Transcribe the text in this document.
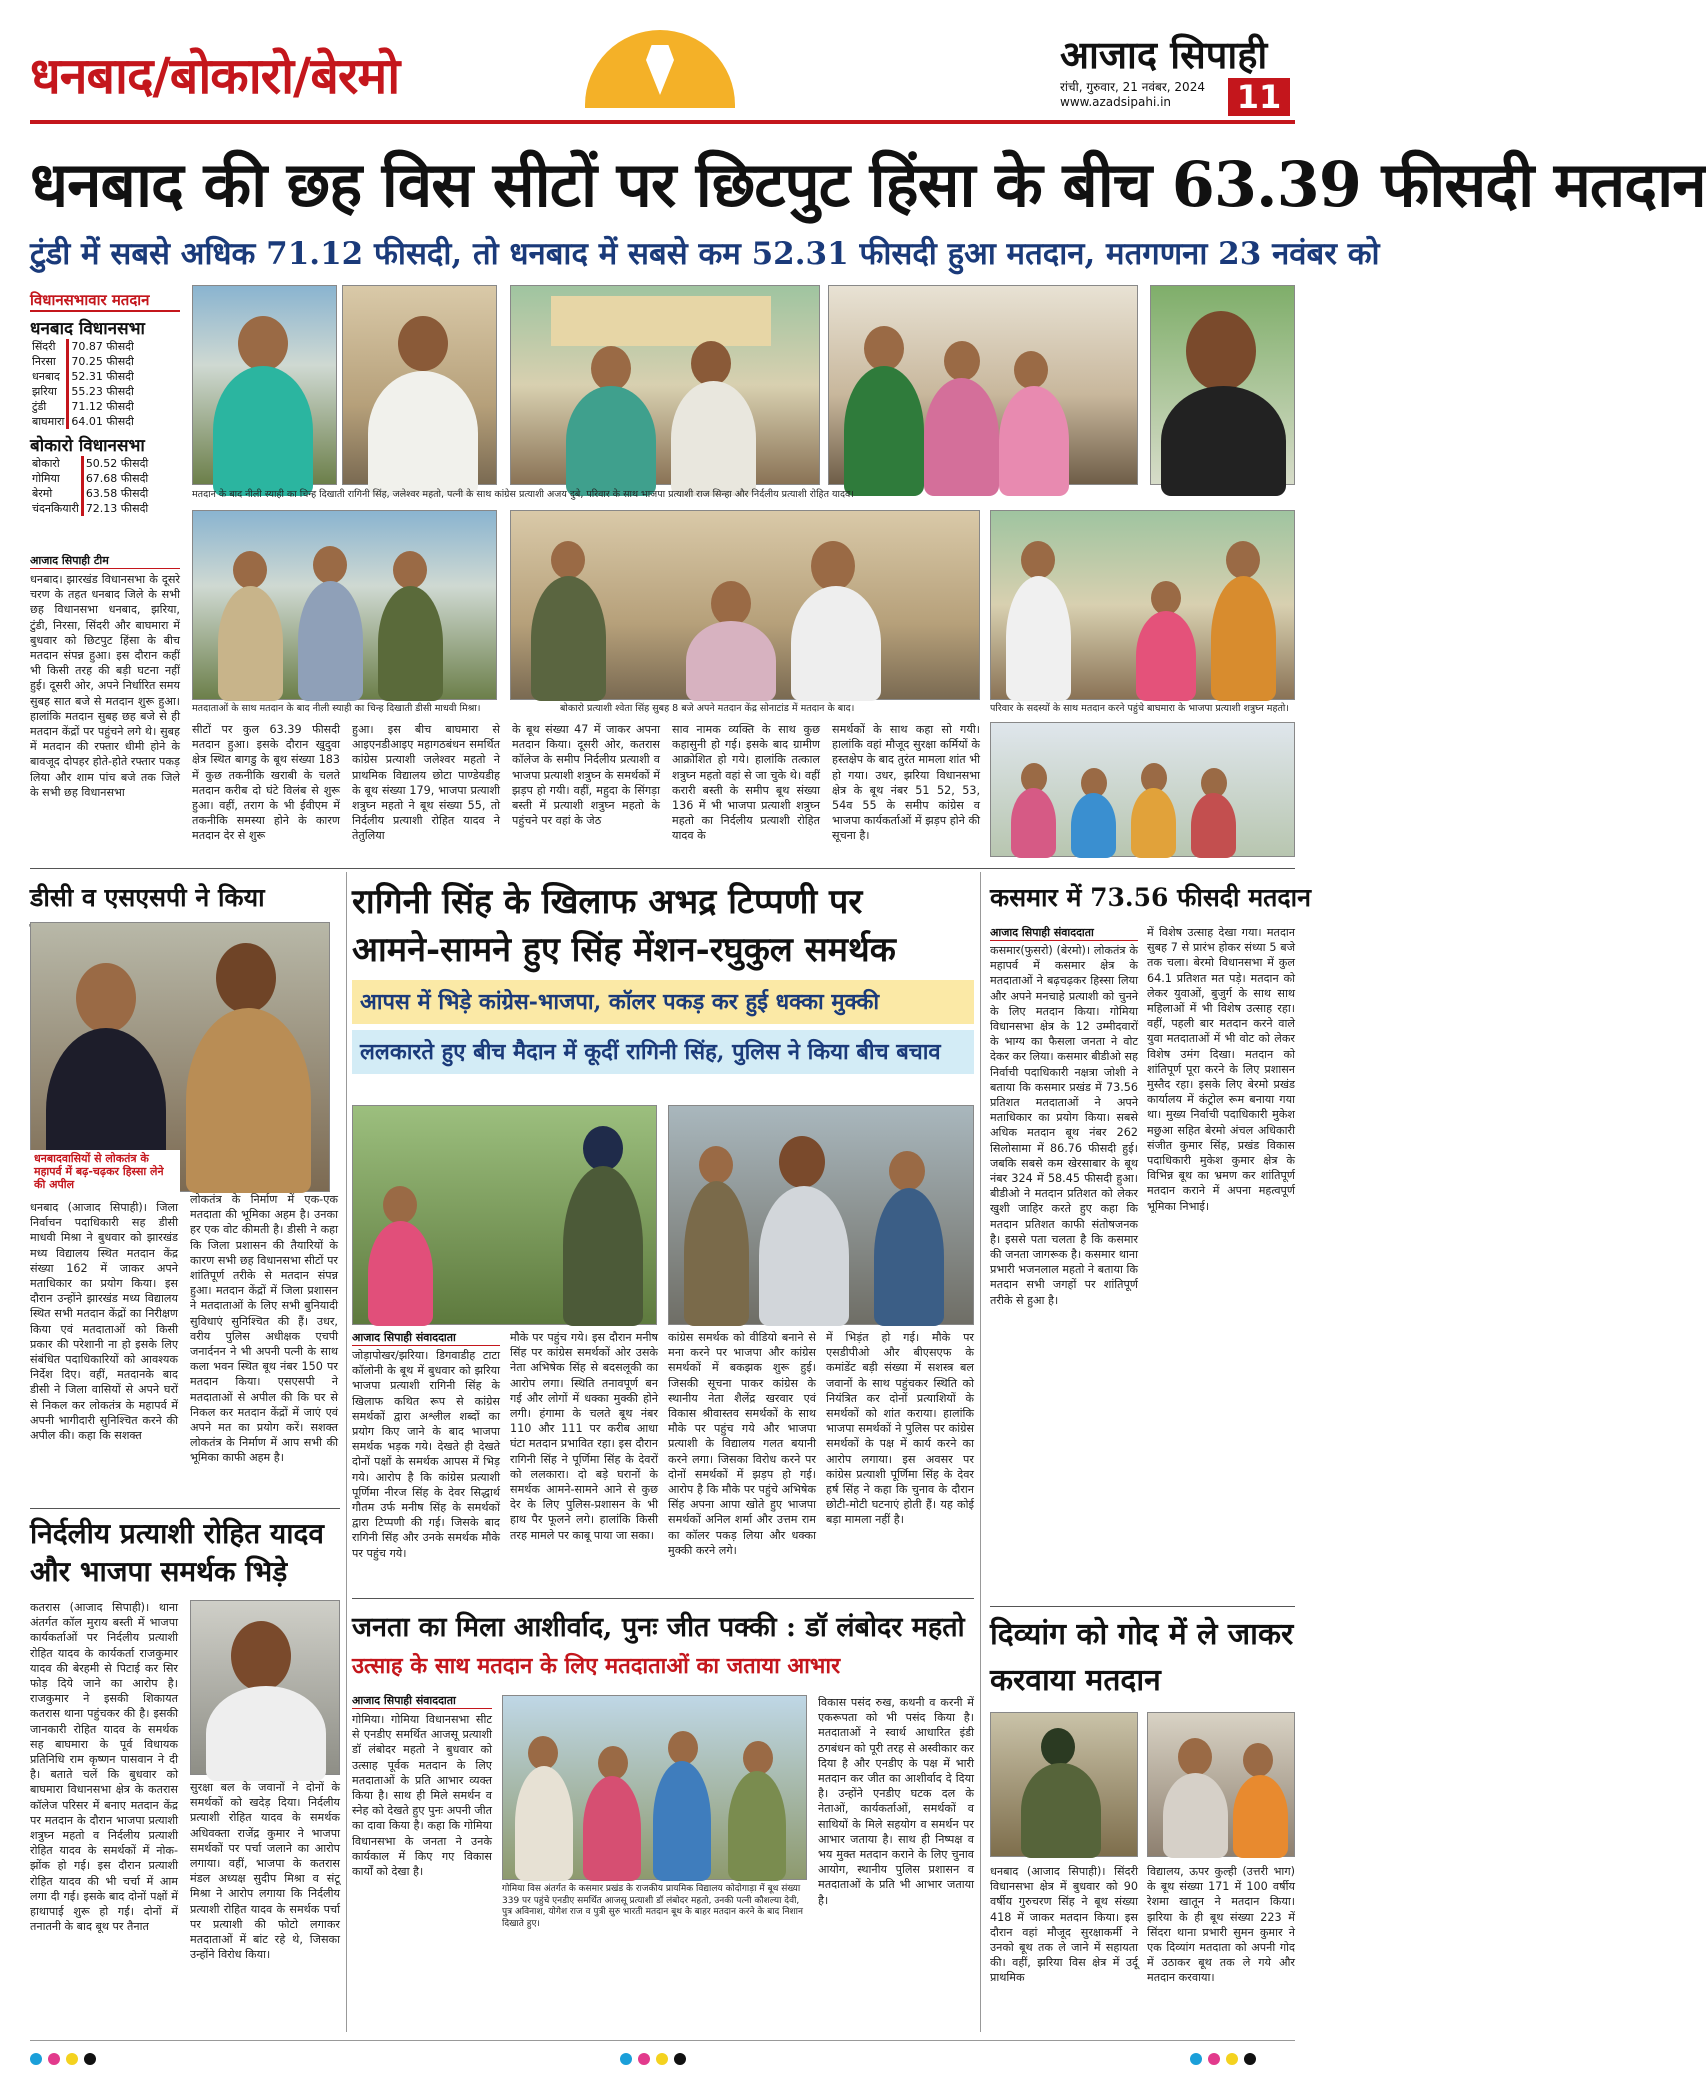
धनबाद/बोकारो/बेरमो	आजाद सिपाही
रांची, गुरुवार, 21 नवंबर, 2024
www.azadsipahi.in 11
धनबाद की छह विस सीटों पर छिटपुट हिंसा के बीच 63.39 फीसदी मतदान
टुंडी में सबसे अधिक 71.12 फीसदी, तो धनबाद में सबसे कम 52.31 फीसदी हुआ मतदान, मतगणना 23 नवंबर को
विधानसभावार मतदान
धनबाद विधानसभा
सिंदरी	70.87 फीसदी
निरसा	70.25 फीसदी
धनबाद	52.31 फीसदी
झरिया	55.23 फीसदी
टुंडी	71.12 फीसदी
बाघमारा	64.01 फीसदी
बोकारो विधानसभा
बोकारो	50.52 फीसदी
गोमिया	67.68 फीसदी
बेरमो	63.58 फीसदी
चंदनकियारी	72.13 फीसदी
आजाद सिपाही टीम
धनबाद। झारखंड विधानसभा के दूसरे चरण के तहत धनबाद जिले के सभी छह विधानसभा धनबाद, झरिया, टुंडी, निरसा, सिंदरी और बाघमारा में बुधवार को छिटपुट हिंसा के बीच मतदान संपन्न हुआ। इस दौरान कहीं भी किसी तरह की बड़ी घटना नहीं हुई। दूसरी ओर, अपने निर्धारित समय सुबह सात बजे से मतदान शुरू हुआ। हालांकि मतदान सुबह छह बजे से ही मतदान केंद्रों पर पहुंचने लगे थे। सुबह में मतदान की रफ्तार धीमी होने के बावजूद दोपहर होते-होते रफ्तार पकड़ लिया और शाम पांच बजे तक जिले के सभी छह विधानसभा
मतदान के बाद नीली स्याही का चिन्ह दिखाती रागिनी सिंह, जलेश्वर महतो, पत्नी के साथ कांग्रेस प्रत्याशी अजय दुबे, परिवार के साथ भाजपा प्रत्याशी राज सिन्हा और निर्दलीय प्रत्याशी रोहित यादव।
मतदाताओं के साथ मतदान के बाद नीली स्याही का चिन्ह दिखाती डीसी माधवी मिश्रा।	बोकारो प्रत्याशी श्वेता सिंह सुबह 8 बजे अपने मतदान केंद्र सोनाटांड में मतदान के बाद।	परिवार के सदस्यों के साथ मतदान करने पहुंचे बाघमारा के भाजपा प्रत्याशी शत्रुघ्न महतो।
सीटों पर कुल 63.39 फीसदी मतदान हुआ। इसके दौरान खुदुवा क्षेत्र स्थित बागडु के बूथ संख्या 183 में कुछ तकनीकि खराबी के चलते मतदान करीब दो घंटे विलंब से शुरू हुआ। वहीं, तराग के भी ईवीएम में तकनीकि समस्या होने के कारण मतदान देर से शुरू
हुआ। इस बीच बाघमारा से आइएनडीआइए महागठबंधन समर्थित कांग्रेस प्रत्याशी जलेश्वर महतो ने प्राथमिक विद्यालय छोटा पाण्डेयडीह के बूथ संख्या 179, भाजपा प्रत्याशी शत्रुघ्न महतो ने बूथ संख्या 55, तो निर्दलीय प्रत्याशी रोहित यादव ने तेतुलिया
के बूथ संख्या 47 में जाकर अपना मतदान किया। दूसरी ओर, कतरास कॉलेज के समीप निर्दलीय प्रत्याशी व भाजपा प्रत्याशी शत्रुघ्न के समर्थकों में झड़प हो गयी। वहीं, महुदा के सिंगड़ा बस्ती में प्रत्याशी शत्रुघ्न महतो के पहुंचने पर वहां के जेठ
साव नामक व्यक्ति के साथ कुछ कहासुनी हो गई। इसके बाद ग्रामीण आक्रोशित हो गये। हालांकि तत्काल शत्रुघ्न महतो वहां से जा चुके थे। वहीं करारी बस्ती के समीप बूथ संख्या 136 में भी भाजपा प्रत्याशी शत्रुघ्न महतो का निर्दलीय प्रत्याशी रोहित यादव के
समर्थकों के साथ कहा सो गयी। हालांकि वहां मौजूद सुरक्षा कर्मियों के हस्तक्षेप के बाद तुरंत मामला शांत भी हो गया। उधर, झरिया विधानसभा क्षेत्र के बूथ नंबर 51 52, 53, 54व 55 के समीप कांग्रेस व भाजपा कार्यकर्ताओं में झड़प होने की सूचना है।
डीसी व एसएसपी ने किया
धनबादवासियों से लोकतंत्र के महापर्व में बढ़-चढ़कर हिस्सा लेने की अपील
धनबाद (आजाद सिपाही)। जिला निर्वाचन पदाधिकारी सह डीसी माधवी मिश्रा ने बुधवार को झारखंड मध्य विद्यालय स्थित मतदान केंद्र संख्या 162 में जाकर अपने मताधिकार का प्रयोग किया। इस दौरान उन्होंने झारखंड मध्य विद्यालय स्थित सभी मतदान केंद्रों का निरीक्षण किया एवं मतदाताओं को किसी प्रकार की परेशानी ना हो इसके लिए संबंधित पदाधिकारियों को आवश्यक निर्देश दिए। वहीं, मतदानके बाद डीसी ने जिला वासियों से अपने घरों से निकल कर लोकतंत्र के महापर्व में अपनी भागीदारी सुनिश्चित करने की अपील की। कहा कि सशक्त
लोकतंत्र के निर्माण में एक-एक मतदाता की भूमिका अहम है। उनका हर एक वोट कीमती है। डीसी ने कहा कि जिला प्रशासन की तैयारियों के कारण सभी छह विधानसभा सीटों पर शांतिपूर्ण तरीके से मतदान संपन्न हुआ। मतदान केंद्रों में जिला प्रशासन ने मतदाताओं के लिए सभी बुनियादी सुविधाएं सुनिश्चित की हैं। उधर, वरीय पुलिस अधीक्षक एचपी जनार्दनन ने भी अपनी पत्नी के साथ कला भवन स्थित बूथ नंबर 150 पर मतदान किया। एसएसपी ने मतदाताओं से अपील की कि घर से निकल कर मतदान केंद्रों में जाएं एवं अपने मत का प्रयोग करें। सशक्त लोकतंत्र के निर्माण में आप सभी की भूमिका काफी अहम है।
निर्दलीय प्रत्याशी रोहित यादव और भाजपा समर्थक भिड़े
कतरास (आजाद सिपाही)। थाना अंतर्गत कॉल मुराय बस्ती में भाजपा कार्यकर्ताओं पर निर्दलीय प्रत्याशी रोहित यादव के कार्यकर्ता राजकुमार यादव की बेरहमी से पिटाई कर सिर फोड़ दिये जाने का आरोप है। राजकुमार ने इसकी शिकायत कतरास थाना पहुंचकर की है। इसकी जानकारी रोहित यादव के समर्थक सह बाघमारा के पूर्व विधायक प्रतिनिधि राम कृष्णन पासवान ने दी है। बताते चलें कि बुधवार को बाघमारा विधानसभा क्षेत्र के कतरास कॉलेज परिसर में बनाए मतदान केंद्र पर मतदान के दौरान भाजपा प्रत्याशी शत्रुघ्न महतो व निर्दलीय प्रत्याशी रोहित यादव के समर्थकों में नोक-झोंक हो गई। इस दौरान प्रत्याशी रोहित यादव की भी चर्चा में आम लगा दी गई। इसके बाद दोनों पक्षों में हाथापाई शुरू हो गई। दोनों में तनातनी के बाद बूथ पर तैनात
सुरक्षा बल के जवानों ने दोनों के समर्थकों को खदेड़ दिया। निर्दलीय प्रत्याशी रोहित यादव के समर्थक अधिवक्ता राजेंद्र कुमार ने भाजपा समर्थकों पर पर्चा जलाने का आरोप लगाया। वहीं, भाजपा के कतरास मंडल अध्यक्ष सुदीप मिश्रा व संटू मिश्रा ने आरोप लगाया कि निर्दलीय प्रत्याशी रोहित यादव के समर्थक पर्चा पर प्रत्याशी की फोटो लगाकर मतदाताओं में बांट रहे थे, जिसका उन्होंने विरोध किया।
रागिनी सिंह के खिलाफ अभद्र टिप्पणी पर
आमने-सामने हुए सिंह मेंशन-रघुकुल समर्थक
आपस में भिड़े कांग्रेस-भाजपा, कॉलर पकड़ कर हुई धक्का मुक्की
ललकारते हुए बीच मैदान में कूदीं रागिनी सिंह, पुलिस ने किया बीच बचाव
आजाद सिपाही संवाददाता
जोड़ापोखर/झरिया। डिगवाडीह टाटा कॉलोनी के बूथ में बुधवार को झरिया भाजपा प्रत्याशी रागिनी सिंह के खिलाफ कथित रूप से कांग्रेस समर्थकों द्वारा अश्लील शब्दों का प्रयोग किए जाने के बाद भाजपा समर्थक भड़क गये। देखते ही देखते दोनों पक्षों के समर्थक आपस में भिड़ गये। आरोप है कि कांग्रेस प्रत्याशी पूर्णिमा नीरज सिंह के देवर सिद्धार्थ गौतम उर्फ मनीष सिंह के समर्थकों द्वारा टिप्पणी की गई। जिसके बाद रागिनी सिंह और उनके समर्थक मौके पर पहुंच गये।
मौके पर पहुंच गये। इस दौरान मनीष सिंह पर कांग्रेस समर्थकों ओर उसके नेता अभिषेक सिंह से बदसलूकी का आरोप लगा। स्थिति तनावपूर्ण बन गई और लोगों में धक्का मुक्की होने लगी। हंगामा के चलते बूथ नंबर 110 और 111 पर करीब आधा घंटा मतदान प्रभावित रहा। इस दौरान रागिनी सिंह ने पूर्णिमा सिंह के देवरों को ललकारा। दो बड़े घरानों के समर्थक आमने-सामने आने से कुछ देर के लिए पुलिस-प्रशासन के भी हाथ पैर फूलने लगे। हालांकि किसी तरह मामले पर काबू पाया जा सका।
कांग्रेस समर्थक को वीडियो बनाने से मना करने पर भाजपा और कांग्रेस समर्थकों में बकझक शुरू हुई। जिसकी सूचना पाकर कांग्रेस के स्थानीय नेता शैलेंद्र खरवार एवं विकास श्रीवास्तव समर्थकों के साथ मौके पर पहुंच गये और भाजपा प्रत्याशी के विद्यालय गलत बयानी करने लगा। जिसका विरोध करने पर दोनों समर्थकों में झड़प हो गई। आरोप है कि मौके पर पहुंचे अभिषेक सिंह अपना आपा खोते हुए भाजपा समर्थकों अनिल शर्मा और उत्तम राम का कॉलर पकड़ लिया और धक्का मुक्की करने लगे।
में भिड़ंत हो गई। मौके पर एसडीपीओ और बीएसएफ के कमांडेंट बड़ी संख्या में सशस्त्र बल जवानों के साथ पहुंचकर स्थिति को नियंत्रित कर दोनों प्रत्याशियों के समर्थकों को शांत कराया। हालांकि भाजपा समर्थकों ने पुलिस पर कांग्रेस समर्थकों के पक्ष में कार्य करने का आरोप लगाया। इस अवसर पर कांग्रेस प्रत्याशी पूर्णिमा सिंह के देवर हर्ष सिंह ने कहा कि चुनाव के दौरान छोटी-मोटी घटनाएं होती हैं। यह कोई बड़ा मामला नहीं है।
जनता का मिला आशीर्वाद, पुनः जीत पक्की : डॉ लंबोदर महतो
उत्साह के साथ मतदान के लिए मतदाताओं का जताया आभार
आजाद सिपाही संवाददाता
गोमिया। गोमिया विधानसभा सीट से एनडीए समर्थित आजसू प्रत्याशी डॉ लंबोदर महतो ने बुधवार को उत्साह पूर्वक मतदान के लिए मतदाताओं के प्रति आभार व्यक्त किया है। साथ ही मिले समर्थन व स्नेह को देखते हुए पुनः अपनी जीत का दावा किया है। कहा कि गोमिया विधानसभा के जनता ने उनके कार्यकाल में किए गए विकास कार्यों को देखा है।
गोमिया विस अंतर्गत के कसमार प्रखंड के राजकीय प्रायमिक विद्यालय कोदोगाड़ा में बूथ संख्या 339 पर पहुंचे एनडीए समर्थित आजसू प्रत्याशी डॉ लंबोदर महतो, उनकी पत्नी कौशल्या देवी, पुत्र अविनाश, योगेश राज व पुत्री सुरु भारती मतदान बूथ के बाहर मतदान करने के बाद निशान दिखाते हुए।
विकास पसंद रुख, कथनी व करनी में एकरूपता को भी पसंद किया है। मतदाताओं ने स्वार्थ आधारित इंडी ठगबंधन को पूरी तरह से अस्वीकार कर दिया है और एनडीए के पक्ष में भारी मतदान कर जीत का आशीर्वाद दे दिया है। उन्होंने एनडीए घटक दल के नेताओं, कार्यकर्ताओं, समर्थकों व साथियों के मिले सहयोग व समर्थन पर आभार जताया है। साथ ही निष्पक्ष व भय मुक्त मतदान कराने के लिए चुनाव आयोग, स्थानीय पुलिस प्रशासन व मतदाताओं के प्रति भी आभार जताया है।
कसमार में 73.56 फीसदी मतदान
आजाद सिपाही संवाददाता
कसमार(फुसरो) (बेरमो)। लोकतंत्र के महापर्व में कसमार क्षेत्र के मतदाताओं ने बढ़चढ़कर हिस्सा लिया और अपने मनचाहे प्रत्याशी को चुनने के लिए मतदान किया। गोमिया विधानसभा क्षेत्र के 12 उम्मीदवारों के भाग्य का फैसला जनता ने वोट देकर कर लिया। कसमार बीडीओ सह निर्वाची पदाधिकारी नक्षत्रा जोशी ने बताया कि कसमार प्रखंड में 73.56 प्रतिशत मतदाताओं ने अपने मताधिकार का प्रयोग किया। सबसे अधिक मतदान बूथ नंबर 262 सिलोसामा में 86.76 फीसदी हुई। जबकि सबसे कम खेरसाबार के बूथ नंबर 324 में 58.45 फीसदी हुआ। बीडीओ ने मतदान प्रतिशत को लेकर खुशी जाहिर करते हुए कहा कि मतदान प्रतिशत काफी संतोषजनक है। इससे पता चलता है कि कसमार की जनता जागरूक है। कसमार थाना प्रभारी भजनलाल महतो ने बताया कि मतदान सभी जगहों पर शांतिपूर्ण तरीके से हुआ है।
में विशेष उत्साह देखा गया। मतदान सुबह 7 से प्रारंभ होकर संध्या 5 बजे तक चला। बेरमो विधानसभा में कुल 64.1 प्रतिशत मत पड़े। मतदान को लेकर युवाओं, बुजुर्ग के साथ साथ महिलाओं में भी विशेष उत्साह रहा। वहीं, पहली बार मतदान करने वाले युवा मतदाताओं में भी वोट को लेकर विशेष उमंग दिखा। मतदान को शांतिपूर्ण पूरा करने के लिए प्रशासन मुस्तैद रहा। इसके लिए बेरमो प्रखंड कार्यालय में कंट्रोल रूम बनाया गया था। मुख्य निर्वाची पदाधिकारी मुकेश मछुआ सहित बेरमो अंचल अधिकारी संजीत कुमार सिंह, प्रखंड विकास पदाधिकारी मुकेश कुमार क्षेत्र के विभिन्न बूथ का भ्रमण कर शांतिपूर्ण मतदान कराने में अपना महत्वपूर्ण भूमिका निभाई।
दिव्यांग को गोद में ले जाकर करवाया मतदान
धनबाद (आजाद सिपाही)। सिंदरी विधानसभा क्षेत्र में बुधवार को 90 वर्षीय गुरुचरण सिंह ने बूथ संख्या 418 में जाकर मतदान किया। इस दौरान वहां मौजूद सुरक्षाकर्मी ने उनको बूथ तक ले जाने में सहायता की। वहीं, झरिया विस क्षेत्र में उर्दू प्राथमिक
विद्यालय, ऊपर कुल्ही (उत्तरी भाग) के बूथ संख्या 171 में 100 वर्षीय रेशमा खातून ने मतदान किया। झरिया के ही बूथ संख्या 223 में सिंदरा थाना प्रभारी सुमन कुमार ने एक दिव्यांग मतदाता को अपनी गोद में उठाकर बूथ तक ले गये और मतदान करवाया।
